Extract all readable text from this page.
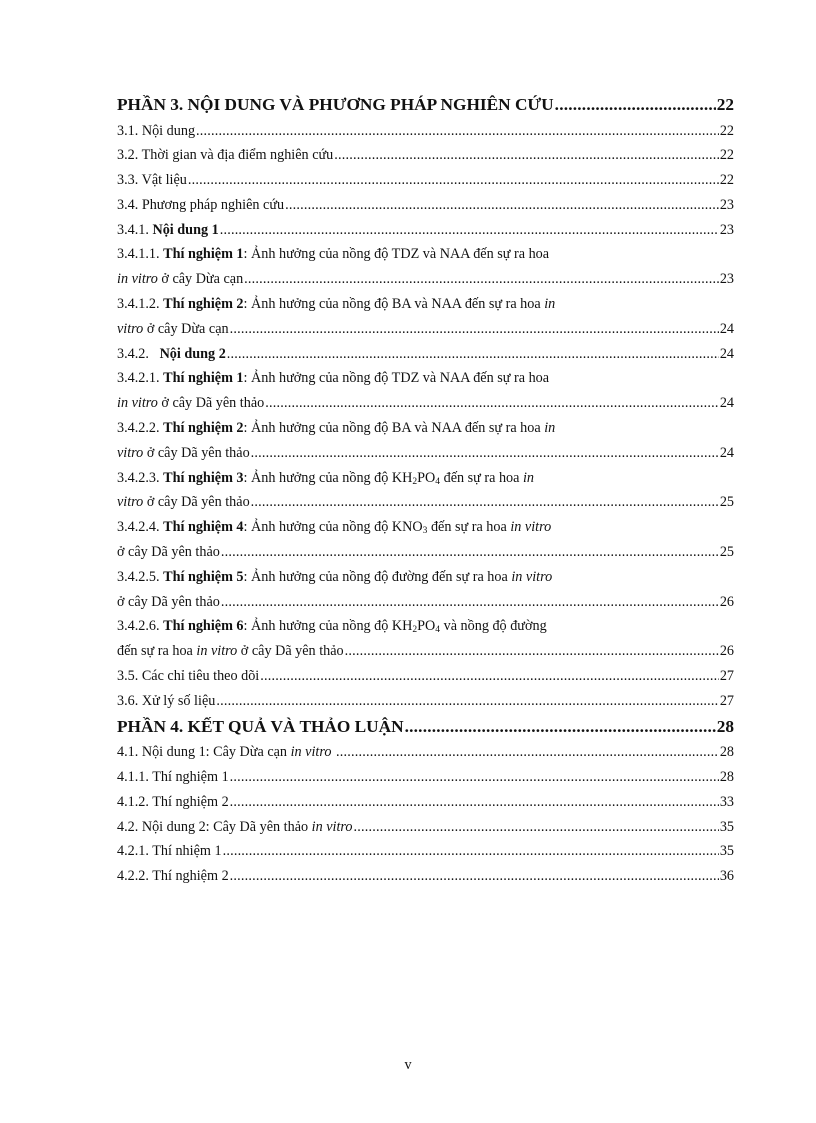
PHẦN 3. NỘI DUNG VÀ PHƯƠNG PHÁP NGHIÊN CỨU .....	22
3.1. Nội dung .....	22
3.2. Thời gian và địa điểm nghiên cứu .....	22
3.3. Vật liệu .....	22
3.4. Phương pháp nghiên cứu .....	23
3.4.1. Nội dung 1 .....	23
3.4.1.1. Thí nghiệm 1: Ảnh hưởng của nồng độ TDZ và NAA đến sự ra hoa
in vitro ở cây Dừa cạn .....	23
3.4.1.2. Thí nghiệm 2: Ảnh hưởng của nồng độ BA và NAA đến sự ra hoa in
vitro ở cây Dừa cạn .....	24
3.4.2. Nội dung 2 .....	24
3.4.2.1. Thí nghiệm 1: Ảnh hưởng của nồng độ TDZ và NAA đến sự ra hoa
in vitro ở cây Dã yên thảo .....	24
3.4.2.2. Thí nghiệm 2: Ảnh hưởng của nồng độ BA và NAA đến sự ra hoa in
vitro ở cây Dã yên thảo .....	24
3.4.2.3. Thí nghiệm 3: Ảnh hưởng của nồng độ $KH_2PO_4$ đến sự ra hoa in
vitro ở cây Dã yên thảo .....	25
3.4.2.4. Thí nghiệm 4: Ảnh hưởng của nồng độ $KNO_3$ đến sự ra hoa in vitro
ở cây Dã yên thảo .....	25
3.4.2.5. Thí nghiệm 5: Ảnh hưởng của nồng độ đường đến sự ra hoa in vitro
ở cây Dã yên thảo .....	26
3.4.2.6. Thí nghiệm 6: Ảnh hưởng của nồng độ $KH_2PO_4$ và nồng độ đường
đến sự ra hoa in vitro ở cây Dã yên thảo .....	26
3.5. Các chỉ tiêu theo dõi .....	27
3.6. Xử lý số liệu .....	27
PHẦN 4. KẾT QUẢ VÀ THẢO LUẬN .....	28
4.1. Nội dung 1: Cây Dừa cạn in vitro .....	28
4.1.1. Thí nghiệm 1 .....	28
4.1.2. Thí nghiệm 2 .....	33
4.2. Nội dung 2: Cây Dã yên thảo in vitro .....	35
4.2.1. Thí nhiệm 1 .....	35
4.2.2. Thí nghiệm 2 .....	36
v
